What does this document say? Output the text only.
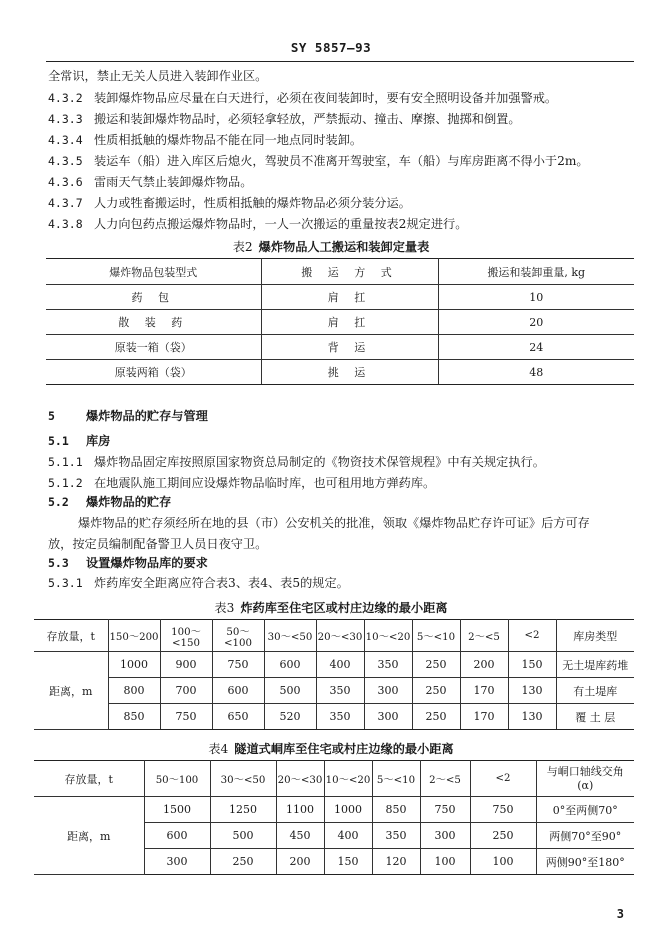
SY 5857—93
全常识，禁止无关人员进入装卸作业区。
4.3.2 装卸爆炸物品应尽量在白天进行，必须在夜间装卸时，要有安全照明设备并加强警戒。
4.3.3 搬运和装卸爆炸物品时，必须轻拿轻放，严禁振动、撞击、摩擦、抛掷和倒置。
4.3.4 性质相抵触的爆炸物品不能在同一地点同时装卸。
4.3.5 装运车（船）进入库区后熄火，驾驶员不准离开驾驶室，车（船）与库房距离不得小于2m。
4.3.6 雷雨天气禁止装卸爆炸物品。
4.3.7 人力或牲畜搬运时，性质相抵触的爆炸物品必须分装分运。
4.3.8 人力向包药点搬运爆炸物品时，一人一次搬运的重量按表2规定进行。
表2 爆炸物品人工搬运和装卸定量表
爆炸物品包装型式	搬 运 方 式	搬运和装卸重量, kg
药 包	肩 扛	10
散 装 药	肩 扛	20
原装一箱（袋）	背 运	24
原装两箱（袋）	挑 运	48
5	爆炸物品的贮存与管理
5.1 库房
5.1.1 爆炸物品固定库按照原国家物资总局制定的《物资技术保管规程》中有关规定执行。
5.1.2 在地震队施工期间应设爆炸物品临时库，也可租用地方弹药库。
5.2 爆炸物品的贮存
爆炸物品的贮存须经所在地的县（市）公安机关的批准，领取《爆炸物品贮存许可证》后方可存
放，按定员编制配备警卫人员日夜守卫。
5.3 设置爆炸物品库的要求
5.3.1 炸药库安全距离应符合表3、表4、表5的规定。
表3 炸药库至住宅区或村庄边缘的最小距离
存放量，t	150～200	100～<150	50～<100	30～<50	20～<30	10～<20	5～<10	2～<5	<2	库房类型
距离，m	1000	900	750	600	400	350	250	200	150	无土堤库药堆
	800	700	600	500	350	300	250	170	130	有土堤库
	850	750	650	520	350	300	250	170	130	覆 土 层
表4 隧道式峒库至住宅或村庄边缘的最小距离
存放量，t	50～100	30～<50	20～<30	10～<20	5～<10	2～<5	<2	与峒口轴线交角
(α)

距离，m	1500	1250	1100	1000	850	750	750	0°至两侧70°
	600	500	450	400	350	300	250	两侧70°至90°
	300	250	200	150	120	100	100	两侧90°至180°
3
